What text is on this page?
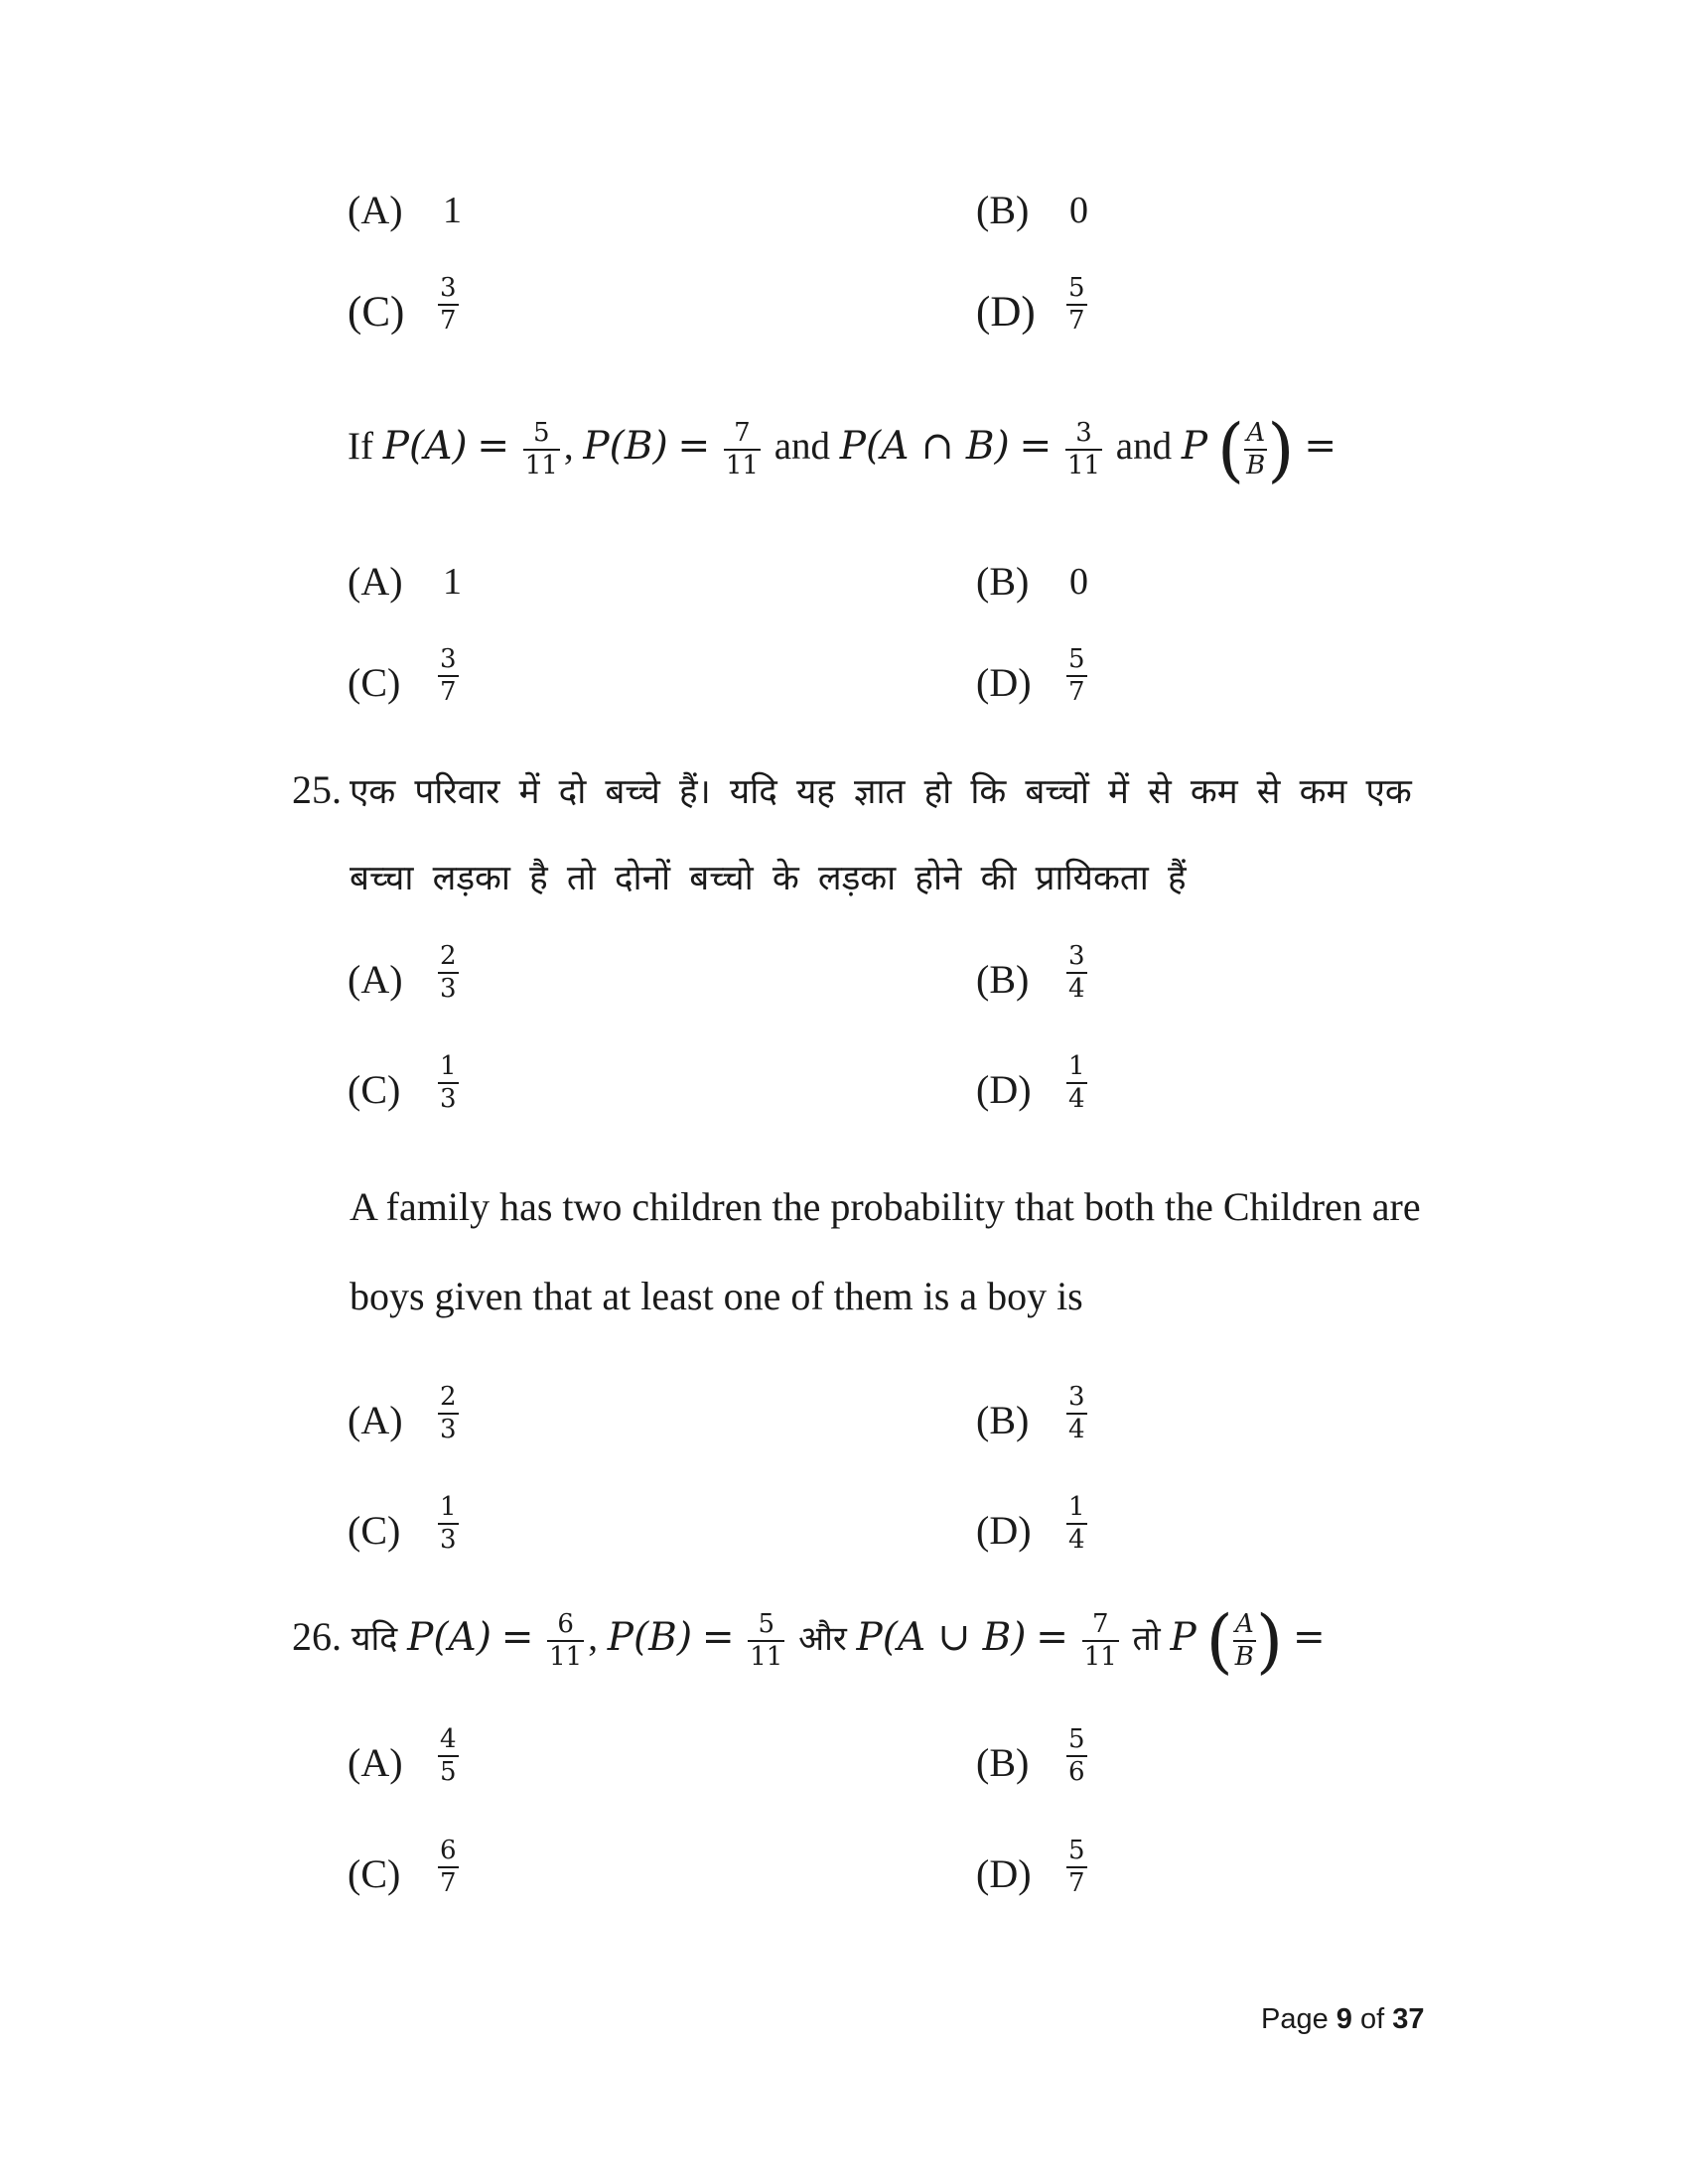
(A) 1	(B) 0
$(C) \frac{3}{7}$	$(D) \frac{5}{7}$
If $P(A) = \frac{5}{11}$ , $P(B) = \frac{7}{11}$ and P(A ∩ $B) = \frac{3}{11}$ and P ( $\frac{A}{B}$ ) =
(A) 1	(B) 0
$(C) \frac{3}{7}$	$(D) \frac{5}{7}$
25. एक परिवार में दो बच्चे हैं। यदि यह ज्ञात हो कि बच्चों में से कम से कम एक
बच्चा लड़का है तो दोनों बच्चो के लड़का होने की प्रायिकता हैं
$(A) \frac{2}{3}$	$(B) \frac{3}{4}$
$(C) \frac{1}{3}$	$(D) \frac{1}{4}$
A family has two children the probability that both the Children are
boys given that at least one of them is a boy is
$(A) \frac{2}{3}$	$(B) \frac{3}{4}$
$(C) \frac{1}{3}$	$(D) \frac{1}{4}$
26. यदि $P(A) = \frac{6}{11}$ , $P(B) = \frac{5}{11}$ और P(A ∪ $B) = \frac{7}{11}$ तो P ( $\frac{A}{B}$ ) =
$(A) \frac{4}{5}$	$(B) \frac{5}{6}$
$(C) \frac{6}{7}$	$(D) \frac{5}{7}$
Page 9 of 37
